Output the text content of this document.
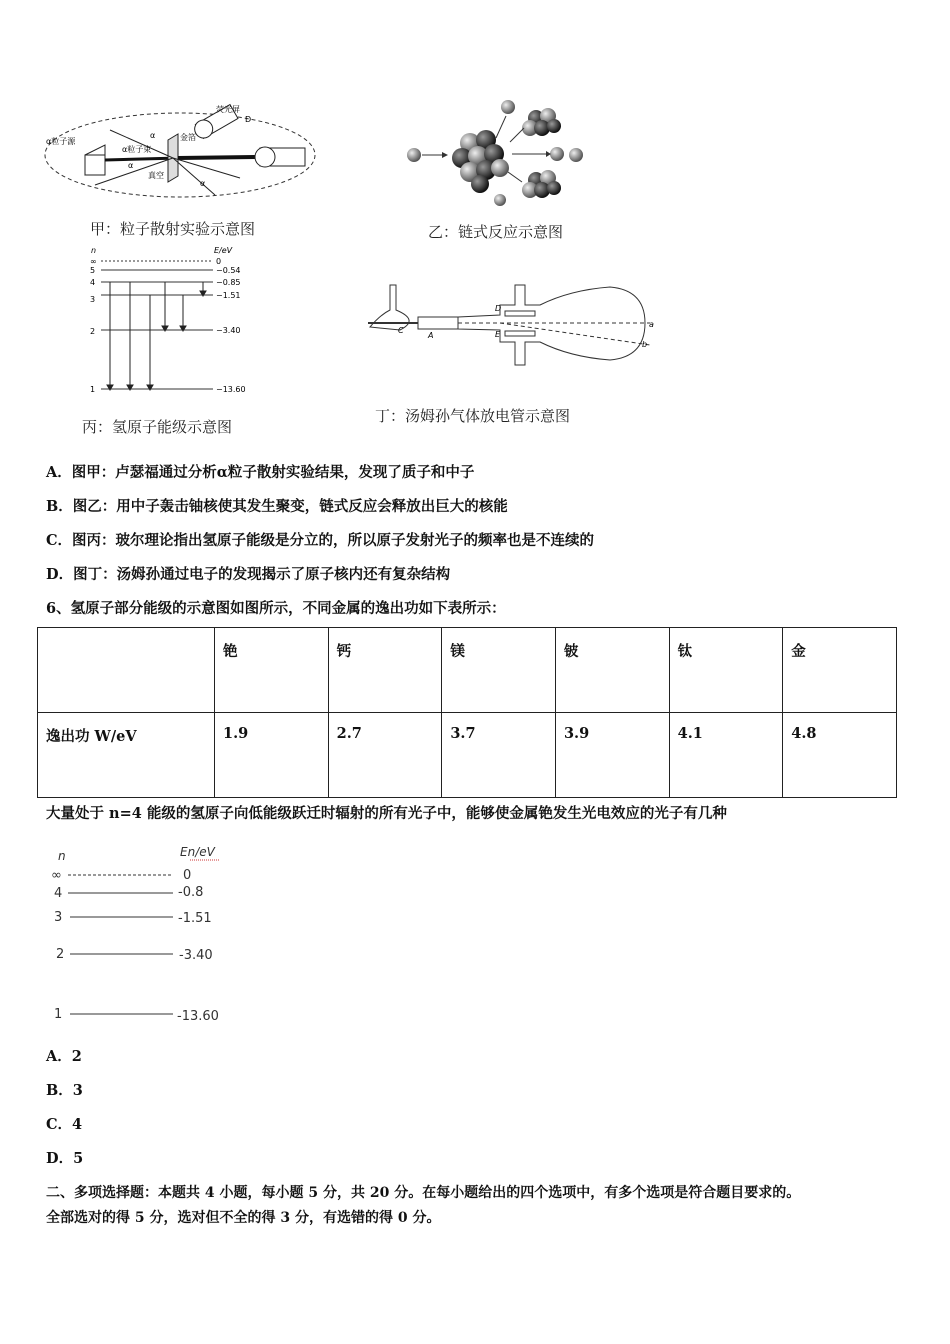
α粒子源
荧光屏
金箔
α粒子束
真空
D
α
α
α
甲：粒子散射实验示意图	乙：链式反应示意图
n	E/eV
∞
5
4
3
2
1
0
−0.54
−0.85
−1.51
−3.40
−13.60
丙：氢原子能级示意图
C
A
D
E
a
b
丁：汤姆孙气体放电管示意图
A．图甲：卢瑟福通过分析α粒子散射实验结果，发现了质子和中子
B．图乙：用中子轰击铀核使其发生聚变，链式反应会释放出巨大的核能
C．图丙：玻尔理论指出氢原子能级是分立的，所以原子发射光子的频率也是不连续的
D．图丁：汤姆孙通过电子的发现揭示了原子核内还有复杂结构
6、氢原子部分能级的示意图如图所示，不同金属的逸出功如下表所示：
	铯	钙	镁	铍	钛	金
逸出功 W/eV	1.9	2.7	3.7	3.9	4.1	4.8
大量处于 n=4 能级的氢原子向低能级跃迁时辐射的所有光子中，能够使金属铯发生光电效应的光子有几种
n	En/eV
∞
4
3
2
1
0
-0.8
-1.51
-3.40
-13.60
A．2
B．3
C．4
D．5
二、多项选择题：本题共 4 小题，每小题 5 分，共 20 分。在每小题给出的四个选项中，有多个选项是符合题目要求的。
全部选对的得 5 分，选对但不全的得 3 分，有选错的得 0 分。
